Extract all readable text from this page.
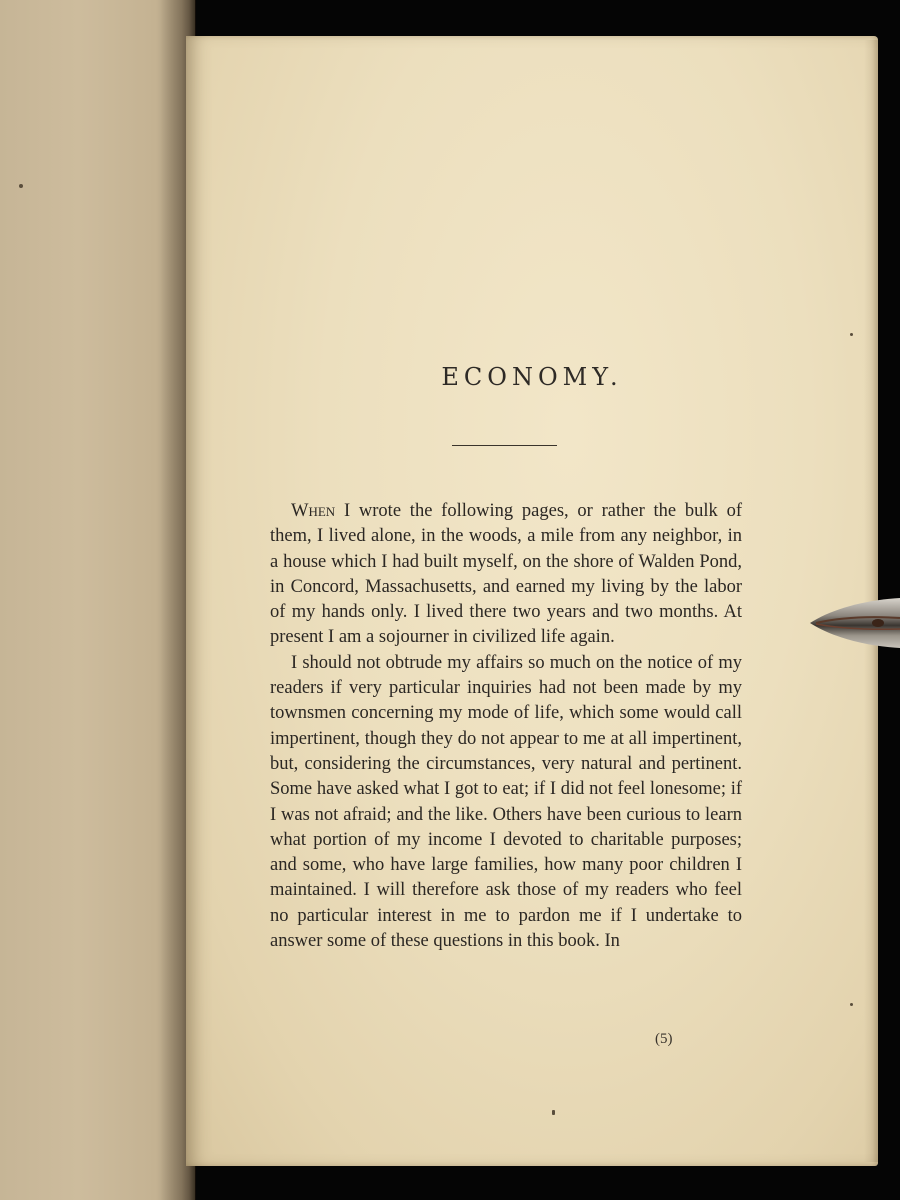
ECONOMY.

When I wrote the following pages, or rather the bulk of them, I lived alone, in the woods, a mile from any neighbor, in a house which I had built myself, on the shore of Walden Pond, in Concord, Massachusetts, and earned my living by the labor of my hands only. I lived there two years and two months. At present I am a sojourner in civilized life again.

I should not obtrude my affairs so much on the notice of my readers if very particular inquiries had not been made by my townsmen concerning my mode of life, which some would call impertinent, though they do not appear to me at all impertinent, but, considering the circumstances, very natural and pertinent. Some have asked what I got to eat; if I did not feel lonesome; if I was not afraid; and the like. Others have been curious to learn what portion of my income I devoted to charitable purposes; and some, who have large families, how many poor children I maintained. I will therefore ask those of my readers who feel no particular interest in me to pardon me if I undertake to answer some of these questions in this book. In

(5)
